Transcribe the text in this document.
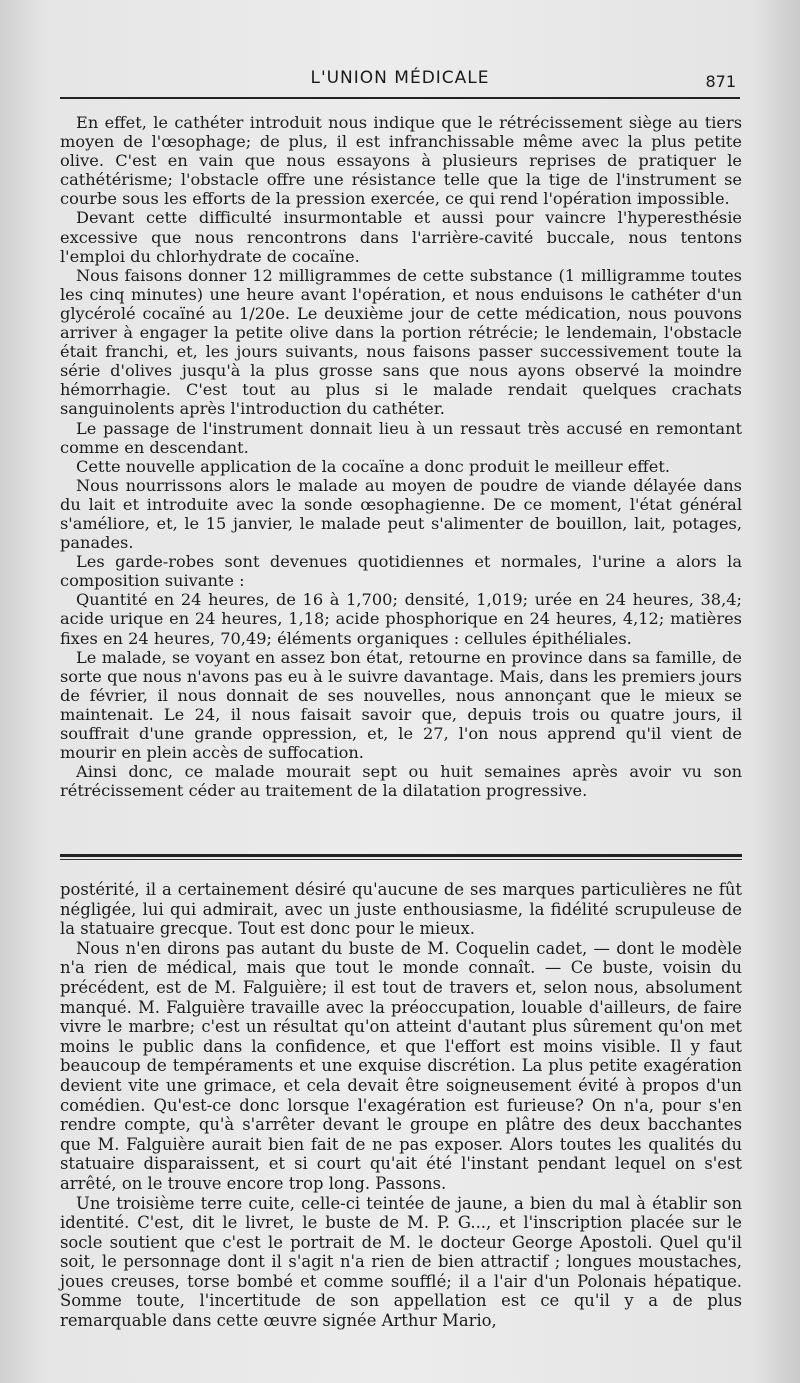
L'UNION MÉDICALE	871

En effet, le cathéter introduit nous indique que le rétrécissement siège au tiers moyen de l'œsophage; de plus, il est infranchissable même avec la plus petite olive. C'est en vain que nous essayons à plusieurs reprises de pratiquer le cathétérisme; l'obstacle offre une résistance telle que la tige de l'instrument se courbe sous les efforts de la pression exercée, ce qui rend l'opération impossible.

Devant cette difficulté insurmontable et aussi pour vaincre l'hyperesthésie excessive que nous rencontrons dans l'arrière-cavité buccale, nous tentons l'emploi du chlorhydrate de cocaïne.

Nous faisons donner 12 milligrammes de cette substance (1 milligramme toutes les cinq minutes) une heure avant l'opération, et nous enduisons le cathéter d'un glycérolé cocaïné au 1/20e. Le deuxième jour de cette médication, nous pouvons arriver à engager la petite olive dans la portion rétrécie; le lendemain, l'obstacle était franchi, et, les jours suivants, nous faisons passer successivement toute la série d'olives jusqu'à la plus grosse sans que nous ayons observé la moindre hémorrhagie. C'est tout au plus si le malade rendait quelques crachats sanguinolents après l'introduction du cathéter.

Le passage de l'instrument donnait lieu à un ressaut très accusé en remontant comme en descendant.

Cette nouvelle application de la cocaïne a donc produit le meilleur effet.

Nous nourrissons alors le malade au moyen de poudre de viande délayée dans du lait et introduite avec la sonde œsophagienne. De ce moment, l'état général s'améliore, et, le 15 janvier, le malade peut s'alimenter de bouillon, lait, potages, panades.

Les garde-robes sont devenues quotidiennes et normales, l'urine a alors la composition suivante :

Quantité en 24 heures, de 16 à 1,700; densité, 1,019; urée en 24 heures, 38,4; acide urique en 24 heures, 1,18; acide phosphorique en 24 heures, 4,12; matières fixes en 24 heures, 70,49; éléments organiques : cellules épithéliales.

Le malade, se voyant en assez bon état, retourne en province dans sa famille, de sorte que nous n'avons pas eu à le suivre davantage. Mais, dans les premiers jours de février, il nous donnait de ses nouvelles, nous annonçant que le mieux se maintenait. Le 24, il nous faisait savoir que, depuis trois ou quatre jours, il souffrait d'une grande oppression, et, le 27, l'on nous apprend qu'il vient de mourir en plein accès de suffocation.

Ainsi donc, ce malade mourait sept ou huit semaines après avoir vu son rétrécissement céder au traitement de la dilatation progressive.

postérité, il a certainement désiré qu'aucune de ses marques particulières ne fût négligée, lui qui admirait, avec un juste enthousiasme, la fidélité scrupuleuse de la statuaire grecque. Tout est donc pour le mieux.

Nous n'en dirons pas autant du buste de M. Coquelin cadet, — dont le modèle n'a rien de médical, mais que tout le monde connaît. — Ce buste, voisin du précédent, est de M. Falguière; il est tout de travers et, selon nous, absolument manqué. M. Falguière travaille avec la préoccupation, louable d'ailleurs, de faire vivre le marbre; c'est un résultat qu'on atteint d'autant plus sûrement qu'on met moins le public dans la confidence, et que l'effort est moins visible. Il y faut beaucoup de tempéraments et une exquise discrétion. La plus petite exagération devient vite une grimace, et cela devait être soigneusement évité à propos d'un comédien. Qu'est-ce donc lorsque l'exagération est furieuse? On n'a, pour s'en rendre compte, qu'à s'arrêter devant le groupe en plâtre des deux bacchantes que M. Falguière aurait bien fait de ne pas exposer. Alors toutes les qualités du statuaire disparaissent, et si court qu'ait été l'instant pendant lequel on s'est arrêté, on le trouve encore trop long. Passons.

Une troisième terre cuite, celle-ci teintée de jaune, a bien du mal à établir son identité. C'est, dit le livret, le buste de M. P. G..., et l'inscription placée sur le socle soutient que c'est le portrait de M. le docteur George Apostoli. Quel qu'il soit, le personnage dont il s'agit n'a rien de bien attractif ; longues moustaches, joues creuses, torse bombé et comme soufflé; il a l'air d'un Polonais hépatique. Somme toute, l'incertitude de son appellation est ce qu'il y a de plus remarquable dans cette œuvre signée Arthur Mario,
